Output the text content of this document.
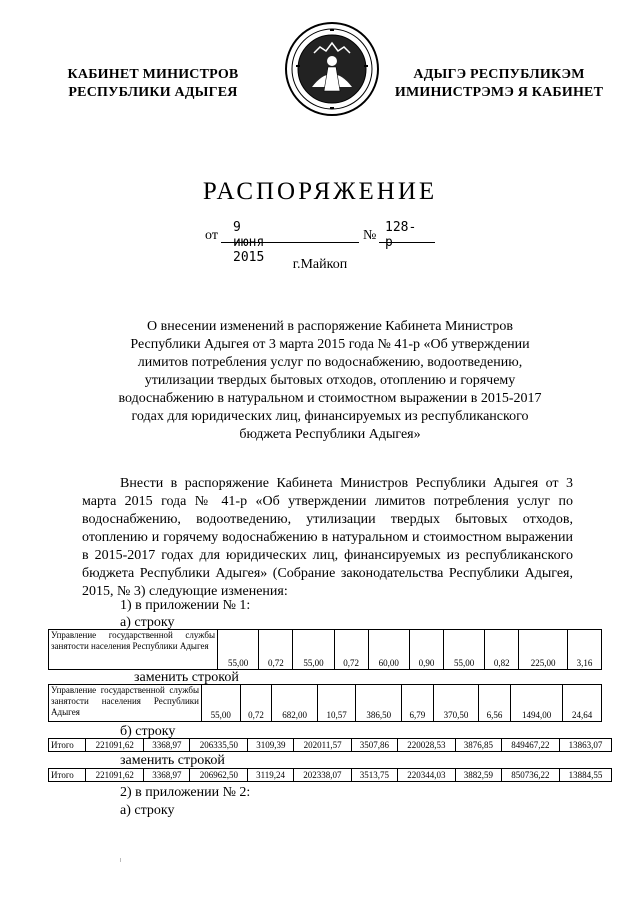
КАБИНЕТ МИНИСТРОВ
РЕСПУБЛИКИ АДЫГЕЯ
АДЫГЭ РЕСПУБЛИКЭМ
ИМИНИСТРЭМЭ Я КАБИНЕТ
РАСПОРЯЖЕНИЕ
от
9 июня 2015
№
128-р
г.Майкоп
О внесении изменений в распоряжение Кабинета Министров
Республики Адыгея от 3 марта 2015 года № 41-р «Об утверждении
лимитов потребления услуг по водоснабжению, водоотведению,
утилизации твердых бытовых отходов, отоплению и горячему
водоснабжению в натуральном и стоимостном выражении в 2015-2017
годах для юридических лиц, финансируемых из республиканского
бюджета Республики Адыгея»

Внести в распоряжение Кабинета Министров Республики Адыгея от 3 марта 2015 года № 41-р «Об утверждении лимитов потребления услуг по водоснабжению, водоотведению, утилизации твердых бытовых отходов, отоплению и горячему водоснабжению в натуральном и стоимостном выражении в 2015-2017 годах для юридических лиц, финансируемых из республиканского бюджета Республики Адыгея» (Собрание законодательства Республики Адыгея, 2015, № 3) следующие изменения:

1) в приложении № 1:
а) строку
Управление государственной службы занятости населения Республики Адыгея	55,00	0,72	55,00	0,72	60,00	0,90	55,00	0,82	225,00	3,16
заменить строкой
Управление государственной службы занятости населения Республики Адыгея	55,00	0,72	682,00	10,57	386,50	6,79	370,50	6,56	1494,00	24,64
б) строку
Итого	221091,62	3368,97	206335,50	3109,39	202011,57	3507,86	220028,53	3876,85	849467,22	13863,07
заменить строкой
Итого	221091,62	3368,97	206962,50	3119,24	202338,07	3513,75	220344,03	3882,59	850736,22	13884,55
2) в приложении № 2:
а) строку
